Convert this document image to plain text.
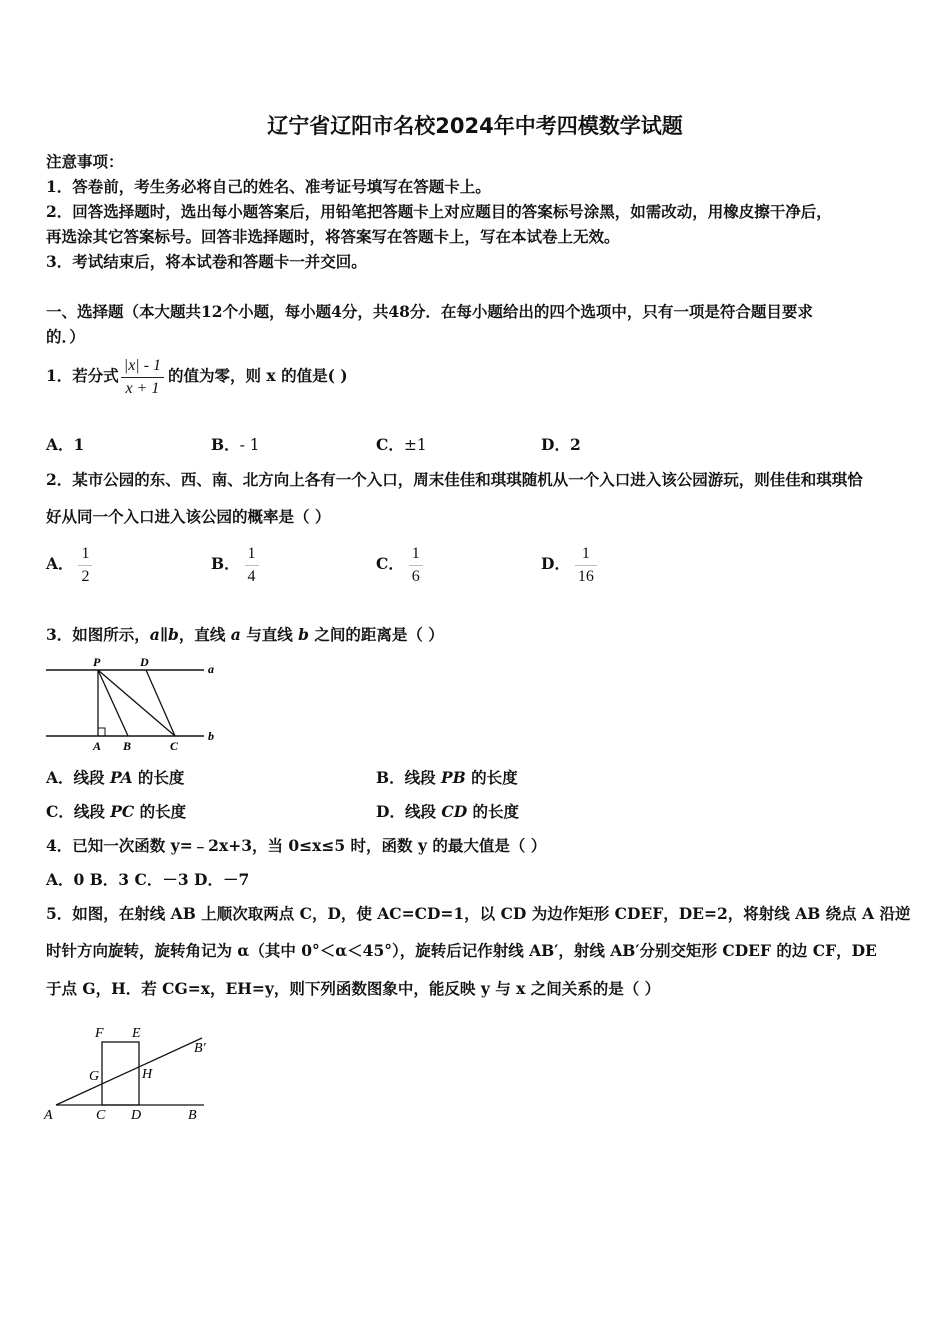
辽宁省辽阳市名校2024年中考四模数学试题
注意事项：
1．答卷前，考生务必将自己的姓名、准考证号填写在答题卡上。
2．回答选择题时，选出每小题答案后，用铅笔把答题卡上对应题目的答案标号涂黑，如需改动，用橡皮擦干净后，
再选涂其它答案标号。回答非选择题时，将答案写在答题卡上，写在本试卷上无效。
3．考试结束后，将本试卷和答题卡一并交回。
一、选择题（本大题共12个小题，每小题4分，共48分．在每小题给出的四个选项中，只有一项是符合题目要求
的．）
1．若分式 $\frac{|x| - 1}{x + 1}$ 的值为零，则 x 的值是( )
A．1	B．- 1	C．±1	D．2
2．某市公园的东、西、南、北方向上各有一个入口，周末佳佳和琪琪随机从一个入口进入该公园游玩，则佳佳和琪琪恰
好从同一个入口进入该公园的概率是（ ）
A． $\frac{1}{2}$	B． $\frac{1}{4}$	C． $\frac{1}{6}$	D． $\frac{1}{16}$
3．如图所示，a∥b，直线 a 与直线 b 之间的距离是（ ）
P	D	a
A B	C
b
A．线段 PA 的长度	B．线段 PB 的长度
C．线段 PC 的长度	D．线段 CD 的长度
4．已知一次函数 y=﹣2x+3，当 0≤x≤5 时，函数 y 的最大值是（ ）
A．0 B．3 C．－3 D．－7
5．如图，在射线 AB 上顺次取两点 C，D，使 AC=CD=1，以 CD 为边作矩形 CDEF，DE=2，将射线 AB 绕点 A 沿逆
时针方向旋转，旋转角记为 α（其中 0°＜α＜45°），旋转后记作射线 AB′，射线 AB′分别交矩形 CDEF 的边 CF，DE
于点 G，H．若 CG=x，EH=y，则下列函数图象中，能反映 y 与 x 之间关系的是（ ）
F E
B′
G	H
A	C D	B
